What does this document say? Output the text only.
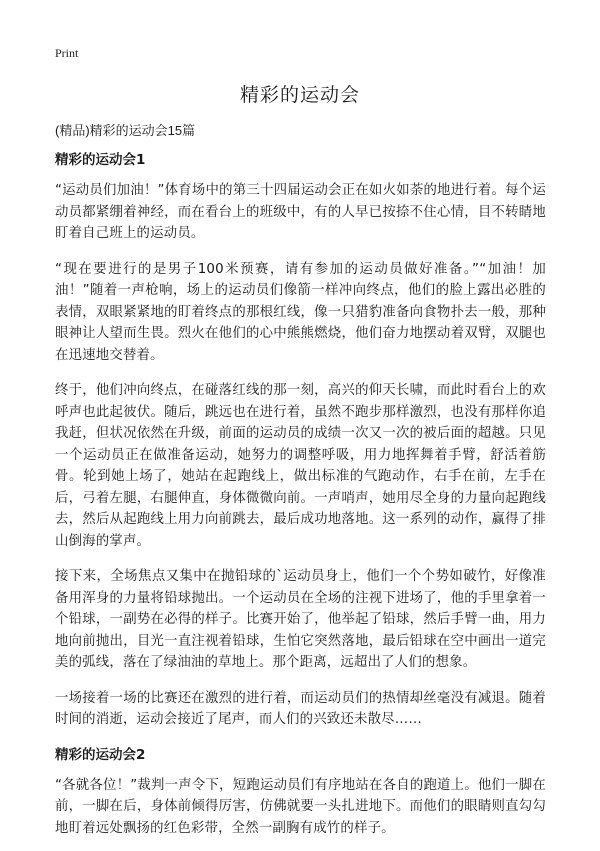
Print
精彩的运动会

(精品)精彩的运动会15篇

精彩的运动会1

“运动员们加油！”体育场中的第三十四届运动会正在如火如荼的地进行着。每个运动员都紧绷着神经，而在看台上的班级中，有的人早已按捺不住心情，目不转睛地盯着自己班上的运动员。

“现在要进行的是男子100米预赛，请有参加的运动员做好准备。”“加油！加油！”随着一声枪响，场上的运动员们像箭一样冲向终点，他们的脸上露出必胜的表情，双眼紧紧地的盯着终点的那根红线，像一只猎豹准备向食物扑去一般，那种眼神让人望而生畏。烈火在他们的心中熊熊燃烧，他们奋力地摆动着双臂，双腿也在迅速地交替着。

终于，他们冲向终点，在碰落红线的那一刻，高兴的仰天长啸，而此时看台上的欢呼声也此起彼伏。随后，跳远也在进行着，虽然不跑步那样激烈，也没有那样你追我赶，但状况依然在升级，前面的运动员的成绩一次又一次的被后面的超越。只见一个运动员正在做准备运动，她努力的调整呼吸，用力地挥舞着手臂，舒活着筋骨。轮到她上场了，她站在起跑线上，做出标准的气跑动作，右手在前，左手在后，弓着左腿，右腿伸直，身体微微向前。一声哨声，她用尽全身的力量向起跑线去，然后从起跑线上用力向前跳去，最后成功地落地。这一系列的动作，赢得了排山倒海的掌声。

接下来，全场焦点又集中在抛铅球的`运动员身上，他们一个个势如破竹，好像准备用浑身的力量将铅球抛出。一个运动员在全场的注视下进场了，他的手里拿着一个铅球，一副势在必得的样子。比赛开始了，他举起了铅球，然后手臂一曲，用力地向前抛出，目光一直注视着铅球，生怕它突然落地，最后铅球在空中画出一道完美的弧线，落在了绿油油的草地上。那个距离，远超出了人们的想象。

一场接着一场的比赛还在激烈的进行着，而运动员们的热情却丝毫没有减退。随着时间的消逝，运动会接近了尾声，而人们的兴致还未散尽……

精彩的运动会2

“各就各位！”裁判一声令下，短跑运动员们有序地站在各自的跑道上。他们一脚在前，一脚在后，身体前倾得厉害，仿佛就要一头扎进地下。而他们的眼睛则直勾勾地盯着远处飘扬的红色彩带，全然一副胸有成竹的样子。
